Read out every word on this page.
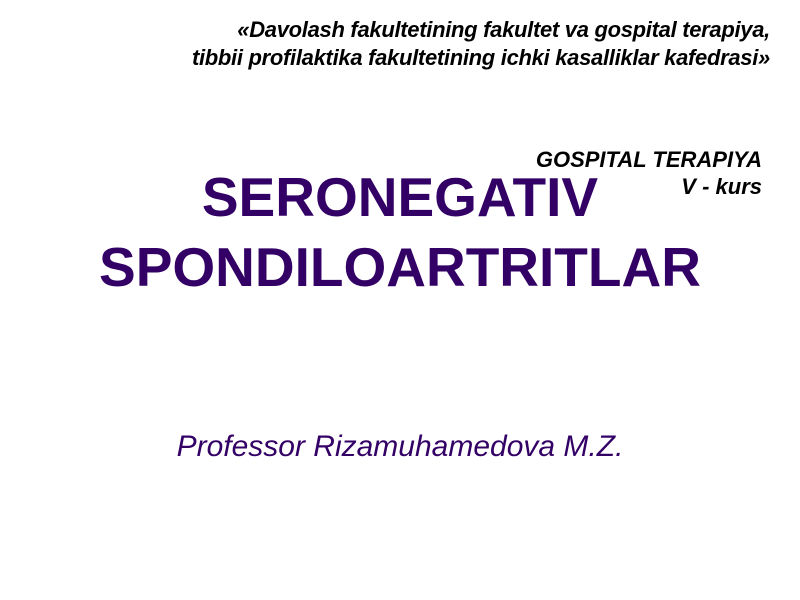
«Davolash fakultetining fakultet va gospital terapiya,
tibbii profilaktika fakultetining ichki kasalliklar kafedrasi»
SERONEGATIV
SPONDILOARTRITLAR
GOSPITAL TERAPIYA
V - kurs
Professor Rizamuhamedova M.Z.
